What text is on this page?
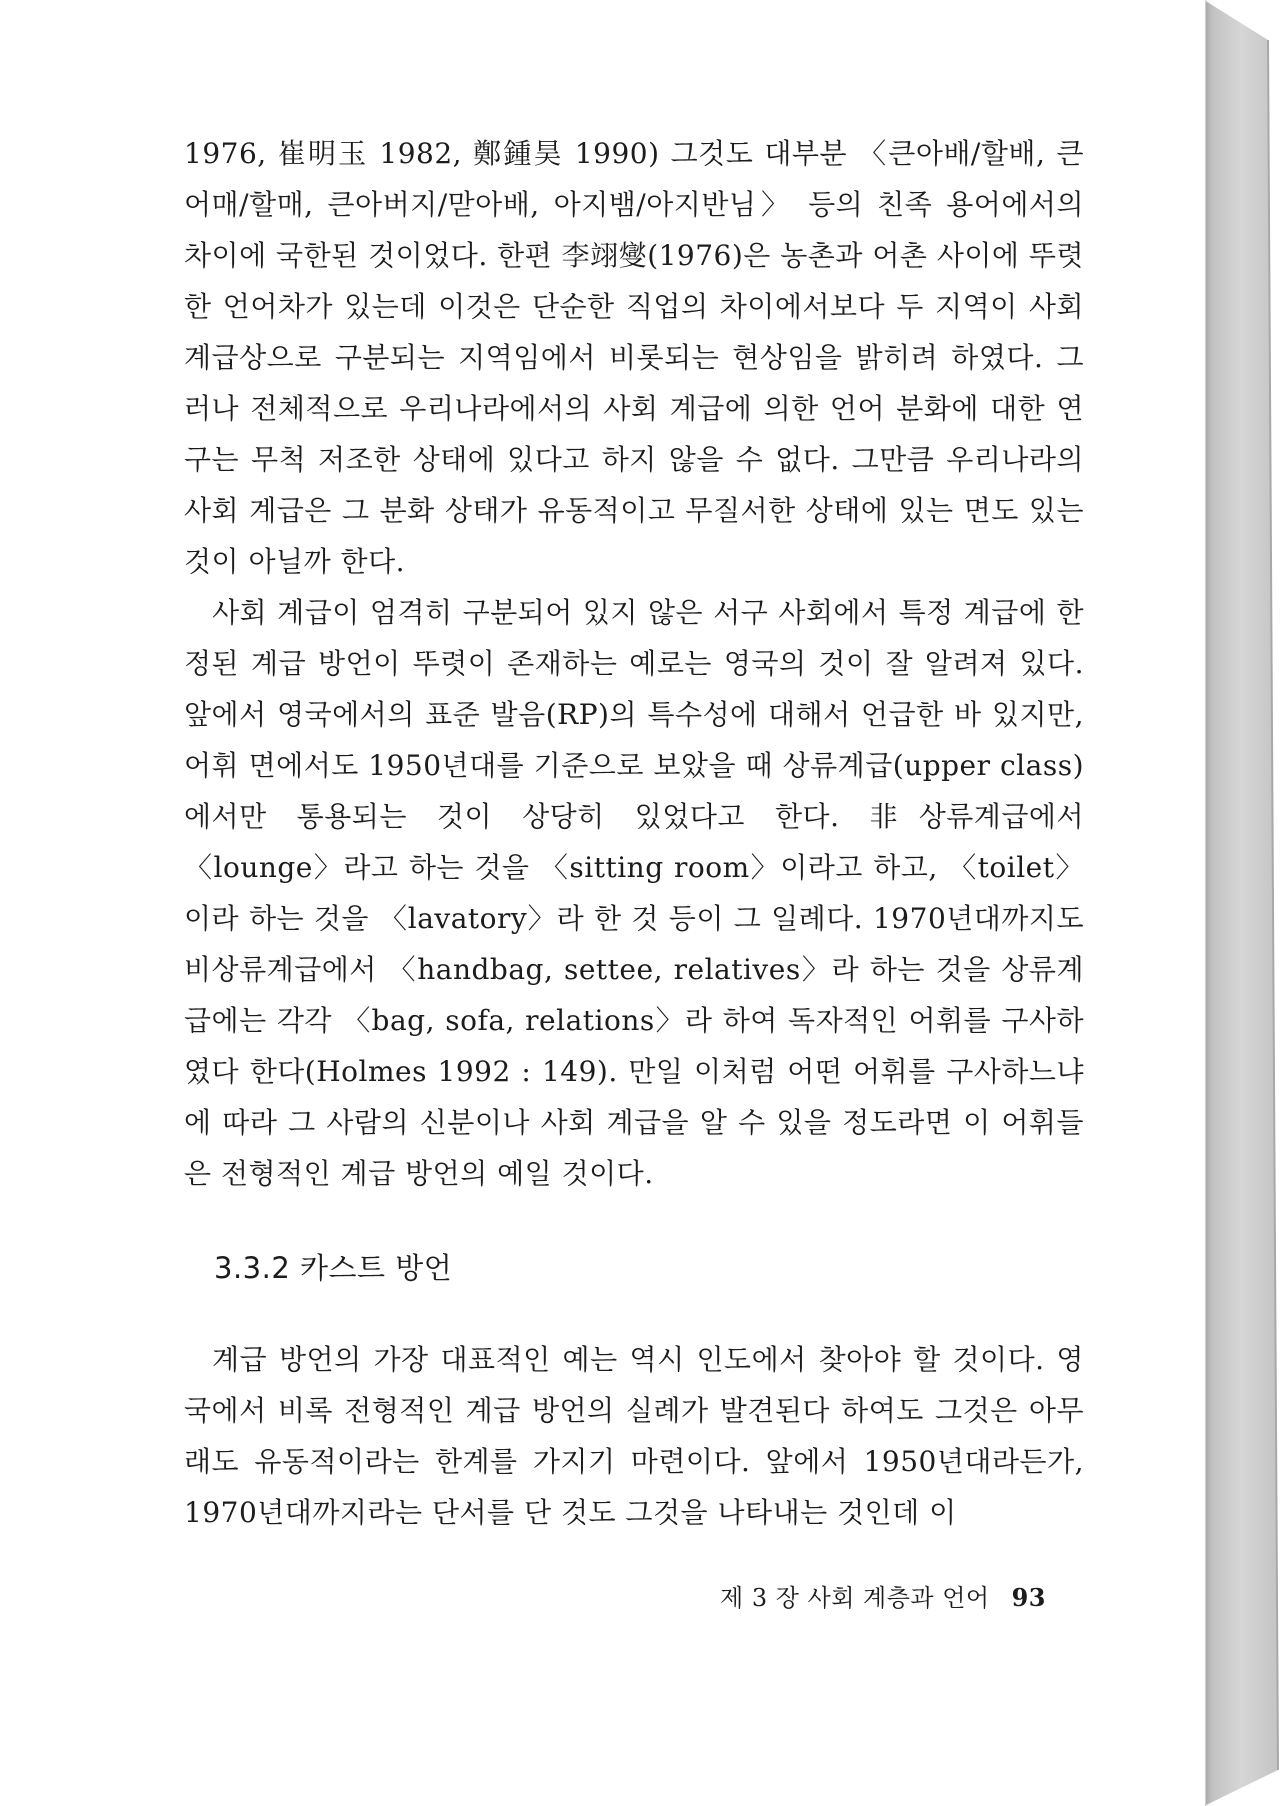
1976, 崔明玉 1982, 鄭鍾昊 1990) 그것도 대부분 〈큰아배/할배, 큰어매/할매, 큰아버지/맏아배, 아지뱀/아지반님〉 등의 친족 용어에서의 차이에 국한된 것이었다. 한편 李翊燮(1976)은 농촌과 어촌 사이에 뚜렷한 언어차가 있는데 이것은 단순한 직업의 차이에서보다 두 지역이 사회 계급상으로 구분되는 지역임에서 비롯되는 현상임을 밝히려 하였다. 그러나 전체적으로 우리나라에서의 사회 계급에 의한 언어 분화에 대한 연구는 무척 저조한 상태에 있다고 하지 않을 수 없다. 그만큼 우리나라의 사회 계급은 그 분화 상태가 유동적이고 무질서한 상태에 있는 면도 있는 것이 아닐까 한다.

사회 계급이 엄격히 구분되어 있지 않은 서구 사회에서 특정 계급에 한정된 계급 방언이 뚜렷이 존재하는 예로는 영국의 것이 잘 알려져 있다. 앞에서 영국에서의 표준 발음(RP)의 특수성에 대해서 언급한 바 있지만, 어휘 면에서도 1950년대를 기준으로 보았을 때 상류계급(upper class)에서만 통용되는 것이 상당히 있었다고 한다. 非상류계급에서 〈lounge〉라고 하는 것을 〈sitting room〉이라고 하고, 〈toilet〉이라 하는 것을 〈lavatory〉라 한 것 등이 그 일례다. 1970년대까지도 비상류계급에서 〈handbag, settee, relatives〉라 하는 것을 상류계급에는 각각 〈bag, sofa, relations〉라 하여 독자적인 어휘를 구사하였다 한다(Holmes 1992 : 149). 만일 이처럼 어떤 어휘를 구사하느냐에 따라 그 사람의 신분이나 사회 계급을 알 수 있을 정도라면 이 어휘들은 전형적인 계급 방언의 예일 것이다.

3.3.2 카스트 방언

계급 방언의 가장 대표적인 예는 역시 인도에서 찾아야 할 것이다. 영국에서 비록 전형적인 계급 방언의 실례가 발견된다 하여도 그것은 아무래도 유동적이라는 한계를 가지기 마련이다. 앞에서 1950년대라든가, 1970년대까지라는 단서를 단 것도 그것을 나타내는 것인데 이

제 3 장 사회 계층과 언어 93
